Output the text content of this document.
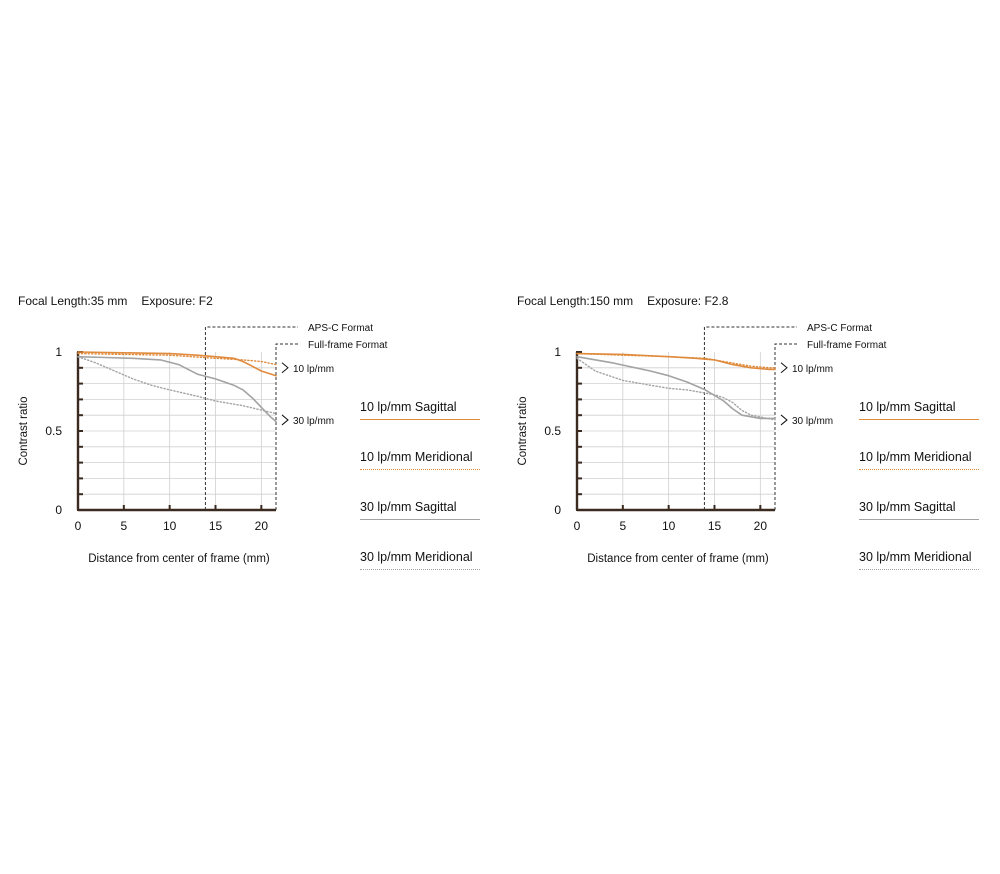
Focal Length:35 mm Exposure: F2
0	5	10	15	20
0
0.5
1
Distance from center of frame (mm)
Contrast ratio
APS-C Format
Full-frame Format
10 lp/mm
30 lp/mm
10 lp/mm Sagittal
10 lp/mm Meridional
30 lp/mm Sagittal
30 lp/mm Meridional
Focal Length:150 mm Exposure: F2.8
0	5	10	15	20
0
0.5
1
Distance from center of frame (mm)
Contrast ratio
APS-C Format
Full-frame Format
10 lp/mm
30 lp/mm
10 lp/mm Sagittal
10 lp/mm Meridional
30 lp/mm Sagittal
30 lp/mm Meridional
